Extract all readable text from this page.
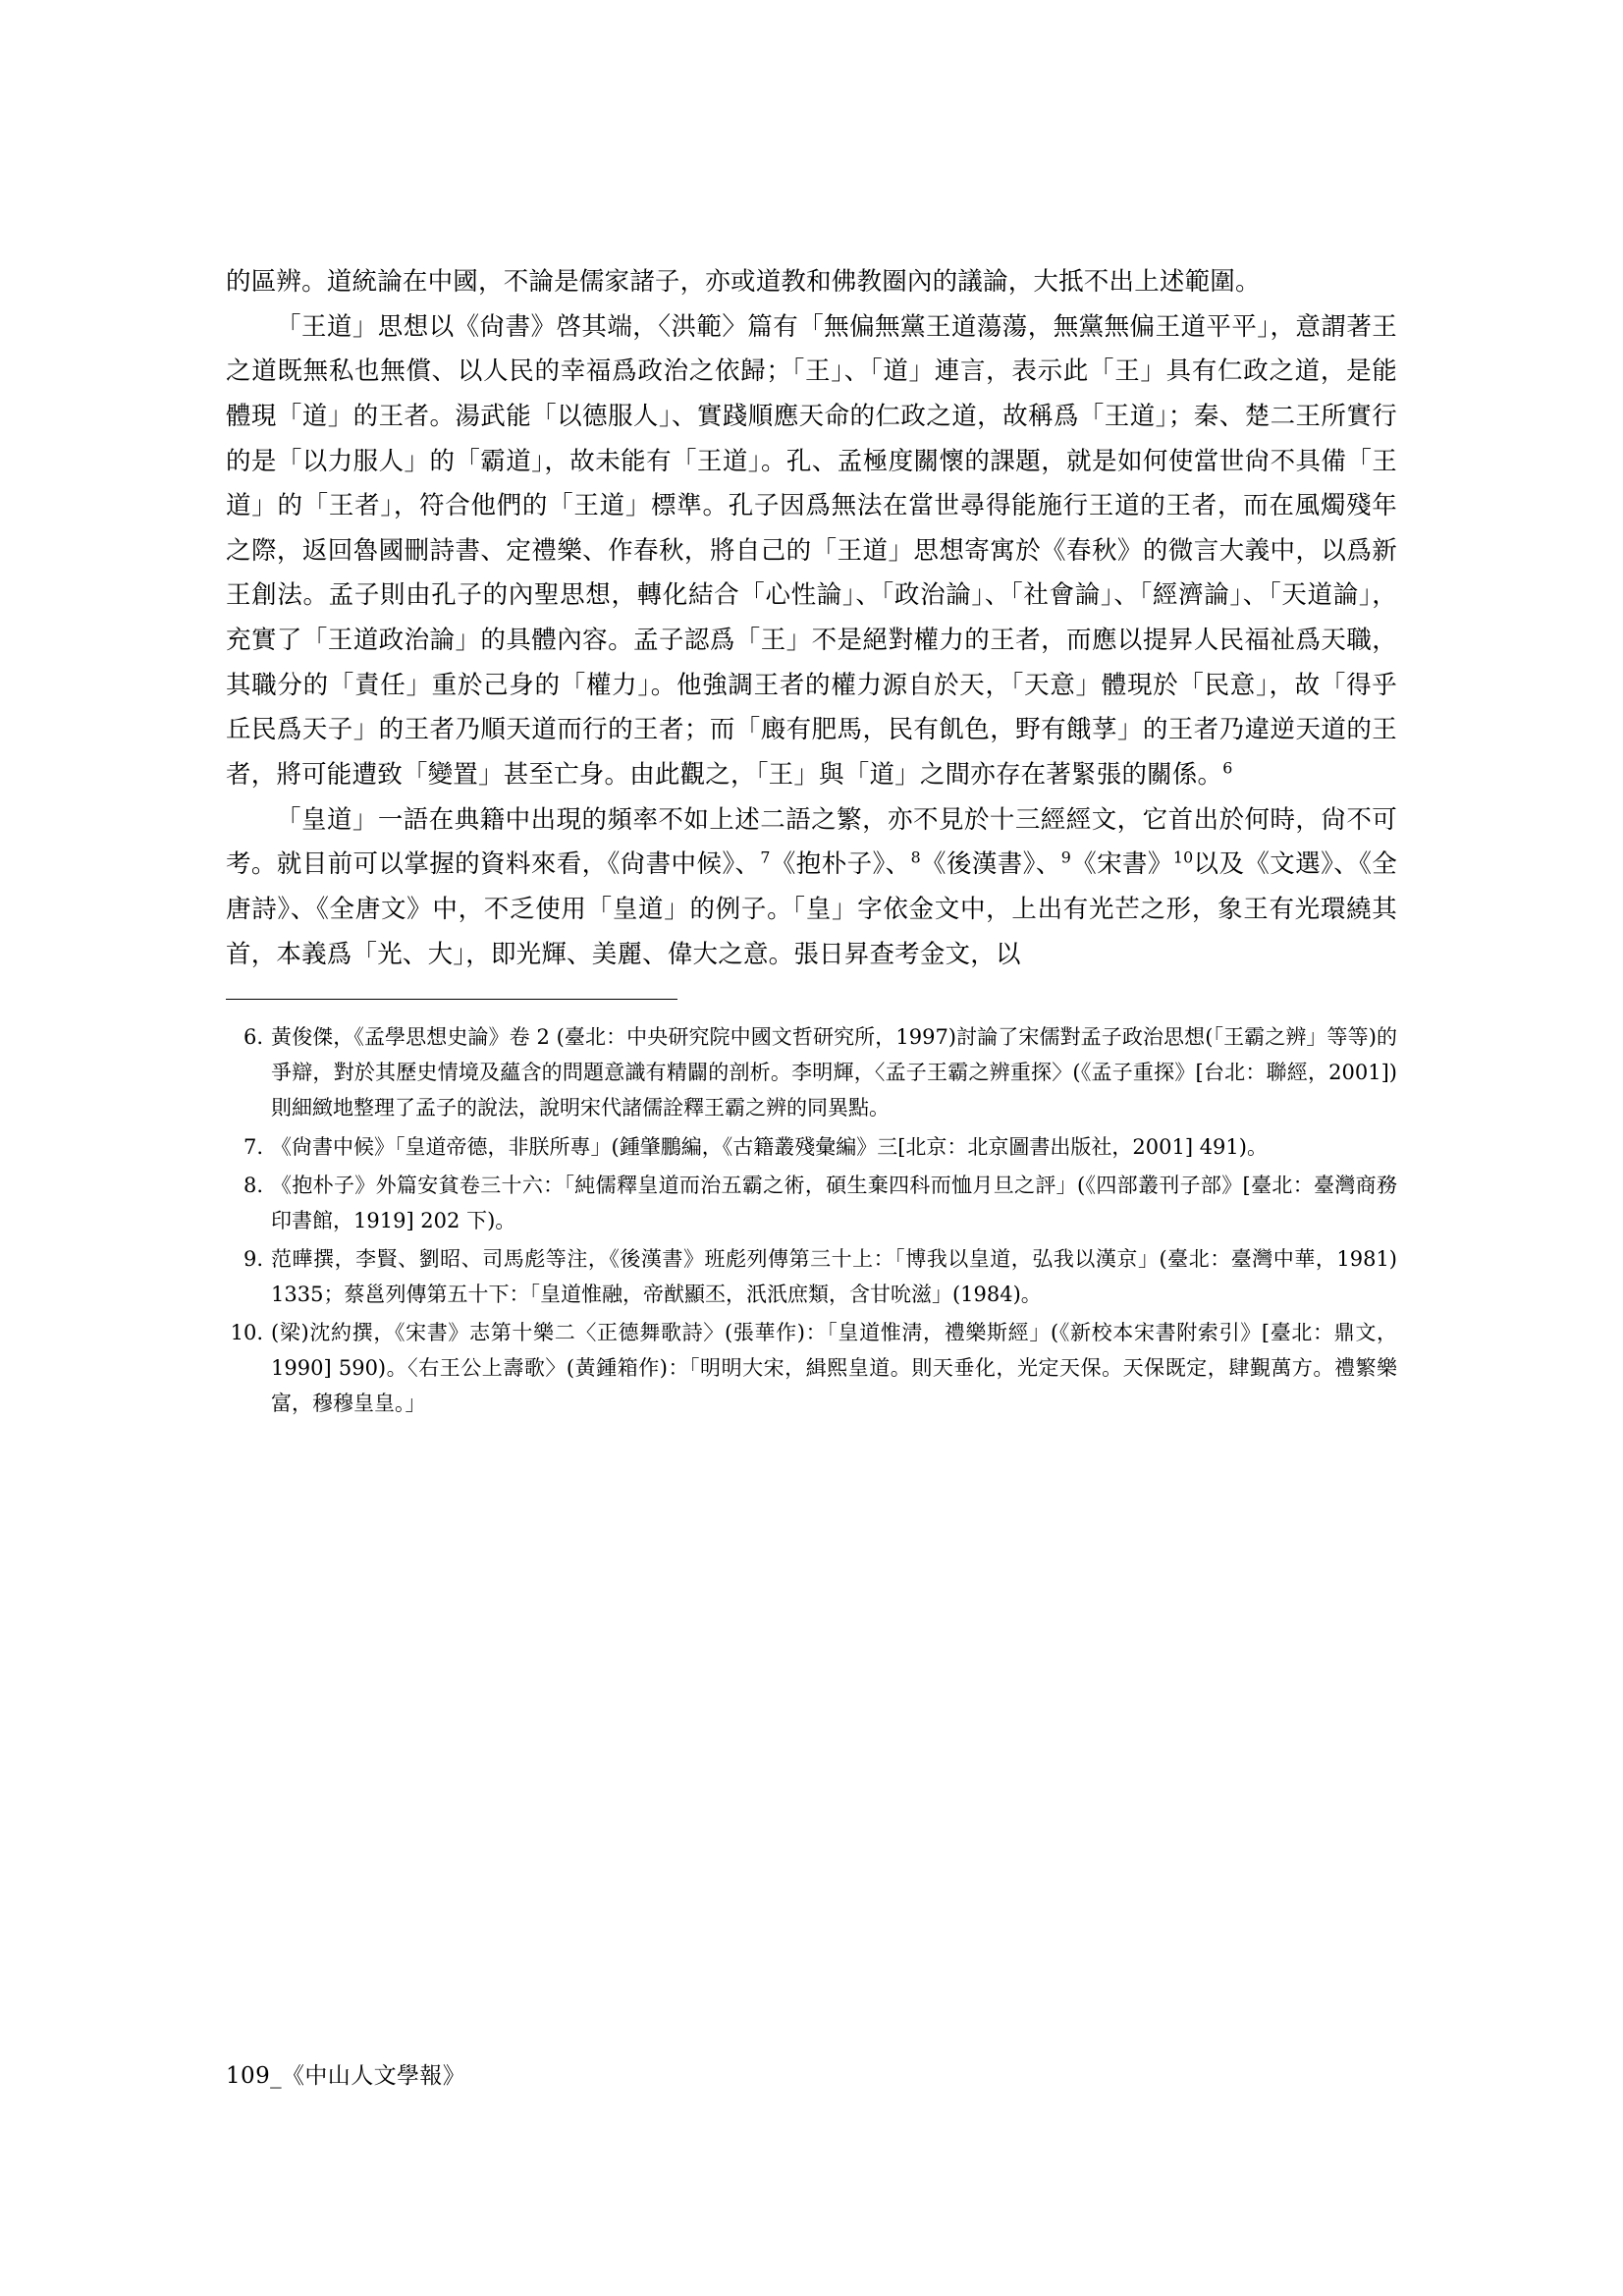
的區辨。道統論在中國，不論是儒家諸子，亦或道教和佛教圈內的議論，大抵不出上述範圍。

「王道」思想以《尙書》啓其端，〈洪範〉篇有「無偏無黨王道蕩蕩，無黨無偏王道平平」，意謂著王之道既無私也無償、以人民的幸福爲政治之依歸；「王」、「道」連言，表示此「王」具有仁政之道，是能體現「道」的王者。湯武能「以德服人」、實踐順應天命的仁政之道，故稱爲「王道」；秦、楚二王所實行的是「以力服人」的「霸道」，故未能有「王道」。孔、孟極度關懷的課題，就是如何使當世尙不具備「王道」的「王者」，符合他們的「王道」標準。孔子因爲無法在當世尋得能施行王道的王者，而在風燭殘年之際，返回魯國刪詩書、定禮樂、作春秋，將自己的「王道」思想寄寓於《春秋》的微言大義中，以爲新王創法。孟子則由孔子的內聖思想，轉化結合「心性論」、「政治論」、「社會論」、「經濟論」、「天道論」，充實了「王道政治論」的具體內容。孟子認爲「王」不是絕對權力的王者，而應以提昇人民福祉爲天職，其職分的「責任」重於己身的「權力」。他強調王者的權力源自於天，「天意」體現於「民意」，故「得乎丘民爲天子」的王者乃順天道而行的王者；而「廄有肥馬，民有飢色，野有餓莩」的王者乃違逆天道的王者，將可能遭致「變置」甚至亡身。由此觀之，「王」與「道」之間亦存在著緊張的關係。$^6$

「皇道」一語在典籍中出現的頻率不如上述二語之繁，亦不見於十三經經文，它首出於何時，尙不可考。就目前可以掌握的資料來看，《尙書中候》、$^7$《抱朴子》、$^8$《後漢書》、$^9$《宋書》$^{10}$以及《文選》、《全唐詩》、《全唐文》中，不乏使用「皇道」的例子。「皇」字依金文中，上出有光芒之形，象王有光環繞其首，本義爲「光、大」，即光輝、美麗、偉大之意。張日昇查考金文，以

6. 黃俊傑，《孟學思想史論》卷 2 (臺北：中央研究院中國文哲研究所，1997)討論了宋儒對孟子政治思想(「王霸之辨」等等)的爭辯，對於其歷史情境及蘊含的問題意識有精闢的剖析。李明輝，〈孟子王霸之辨重探〉(《孟子重探》[台北：聯經，2001])則細緻地整理了孟子的說法，說明宋代諸儒詮釋王霸之辨的同異點。
7. 《尙書中候》「皇道帝德，非朕所專」(鍾肇鵬編，《古籍叢殘彙編》三[北京：北京圖書出版社，2001] 491)。
8. 《抱朴子》外篇安貧卷三十六：「純儒釋皇道而治五霸之術，碩生棄四科而恤月旦之評」(《四部叢刊子部》[臺北：臺灣商務印書館，1919] 202 下)。
9. 范曄撰，李賢、劉昭、司馬彪等注，《後漢書》班彪列傳第三十上：「博我以皇道，弘我以漢京」(臺北：臺灣中華，1981) 1335；蔡邕列傳第五十下：「皇道惟融，帝猷顯丕，汦汦庶類，含甘吮滋」(1984)。
10. (梁)沈約撰，《宋書》志第十樂二〈正德舞歌詩〉(張華作)：「皇道惟淸，禮樂斯經」(《新校本宋書附索引》[臺北：鼎文，1990] 590)。〈右王公上壽歌〉(黃鍾箱作)：「明明大宋，緝熙皇道。則天垂化，光定天保。天保既定，肆覲萬方。禮繁樂富，穆穆皇皇。」
109_《中山人文學報》
